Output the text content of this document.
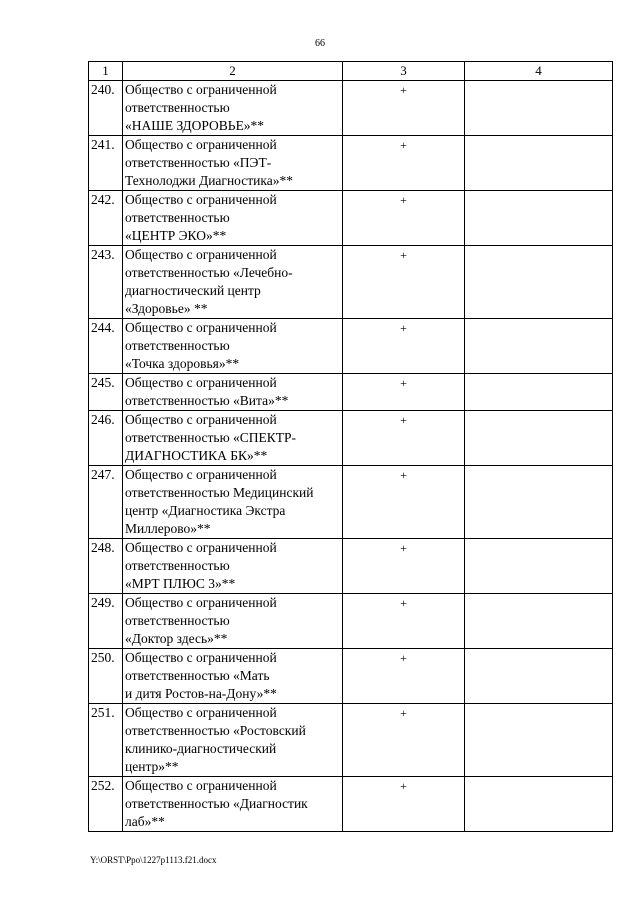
66
1	2	3	4
240.	Общество с ограниченной
ответственностью
«НАШЕ ЗДОРОВЬЕ»**	+	
241.	Общество с ограниченной
ответственностью «ПЭТ-
Технолоджи Диагностика»**	+	
242.	Общество с ограниченной
ответственностью
«ЦЕНТР ЭКО»**	+	
243.	Общество с ограниченной
ответственностью «Лечебно-
диагностический центр
«Здоровье» **	+	
244.	Общество с ограниченной
ответственностью
«Точка здоровья»**	+	
245.	Общество с ограниченной
ответственностью «Вита»**	+	
246.	Общество с ограниченной
ответственностью «СПЕКТР-
ДИАГНОСТИКА БК»**	+	
247.	Общество с ограниченной
ответственностью Медицинский
центр «Диагностика Экстра
Миллерово»**	+	
248.	Общество с ограниченной
ответственностью
«МРТ ПЛЮС 3»**	+	
249.	Общество с ограниченной
ответственностью
«Доктор здесь»**	+	
250.	Общество с ограниченной
ответственностью «Мать
и дитя Ростов-на-Дону»**	+	
251.	Общество с ограниченной
ответственностью «Ростовский
клинико-диагностический
центр»**	+	
252.	Общество с ограниченной
ответственностью «Диагностик
лаб»**	+	
Y:\ORST\Ppo\1227p1113.f21.docx
